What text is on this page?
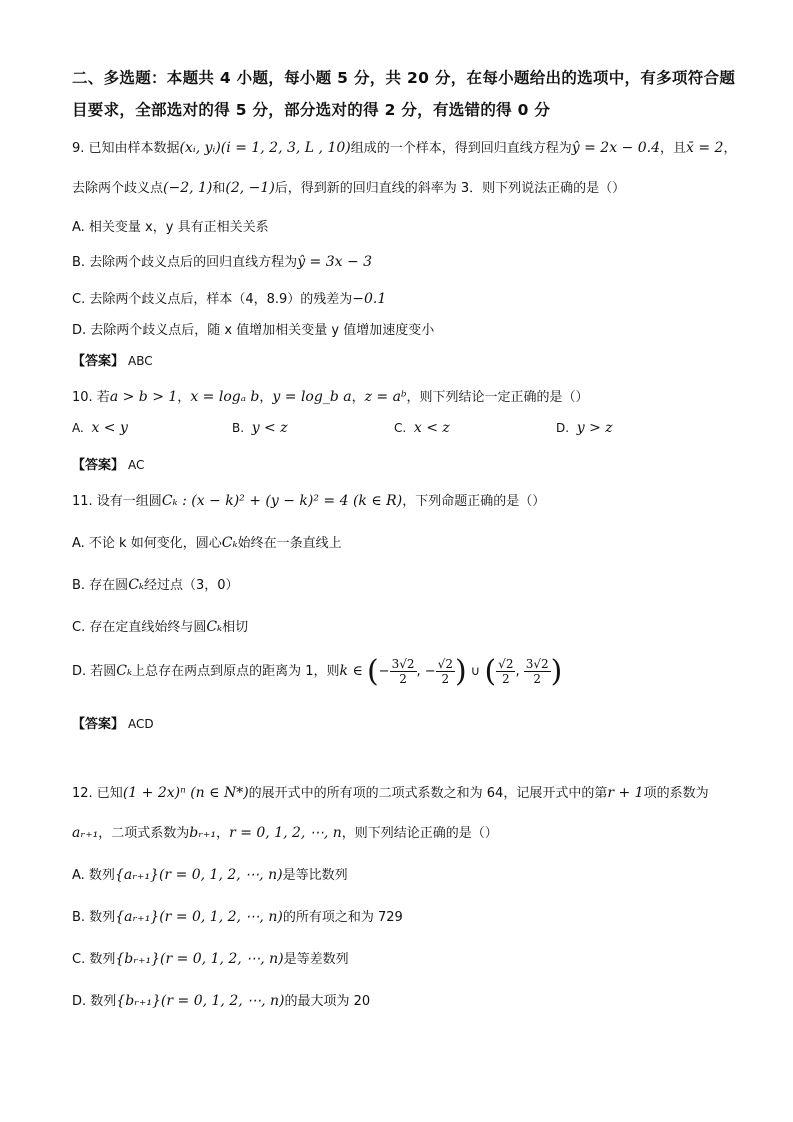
二、多选题：本题共 4 小题，每小题 5 分，共 20 分，在每小题给出的选项中，有多项符合题
目要求，全部选对的得 5 分，部分选对的得 2 分，有选错的得 0 分
9. 已知由样本数据(xᵢ, yᵢ)(i = 1, 2, 3, L , 10)组成的一个样本，得到回归直线方程为ŷ = 2x − 0.4，且x̄ = 2，
去除两个歧义点(−2, 1)和(2, −1)后，得到新的回归直线的斜率为 3．则下列说法正确的是（）
A. 相关变量 x，y 具有正相关关系
B. 去除两个歧义点后的回归直线方程为ŷ = 3x − 3
C. 去除两个歧义点后，样本（4，8.9）的残差为−0.1
D. 去除两个歧义点后，随 x 值增加相关变量 y 值增加速度变小
【答案】 ABC
10. 若a > b > 1，x = logₐ b，y = log_b a，z = aᵇ，则下列结论一定正确的是（）
A. x < y	B. y < z	C. x < z	D. y > z
【答案】 AC
11. 设有一组圆Cₖ : (x − k)² + (y − k)² = 4 (k ∈ R)，下列命题正确的是（）
A. 不论 k 如何变化，圆心Cₖ始终在一条直线上
B. 存在圆Cₖ经过点（3，0）
C. 存在定直线始终与圆Cₖ相切
D. 若圆Cₖ上总存在两点到原点的距离为 1，则k ∈ (− $\frac{3√2}{2}$ , − $\frac{√2}{2}$ ) ∪ ( $\frac{√2}{2}$ , $\frac{3√2}{2}$ )
【答案】 ACD
12. 已知(1 + 2x)ⁿ (n ∈ N*)的展开式中的所有项的二项式系数之和为 64，记展开式中的第r + 1项的系数为
aᵣ₊₁，二项式系数为bᵣ₊₁，r = 0, 1, 2, ⋯, n，则下列结论正确的是（）
A. 数列{aᵣ₊₁}(r = 0, 1, 2, ⋯, n)是等比数列
B. 数列{aᵣ₊₁}(r = 0, 1, 2, ⋯, n)的所有项之和为 729
C. 数列{bᵣ₊₁}(r = 0, 1, 2, ⋯, n)是等差数列
D. 数列{bᵣ₊₁}(r = 0, 1, 2, ⋯, n)的最大项为 20
